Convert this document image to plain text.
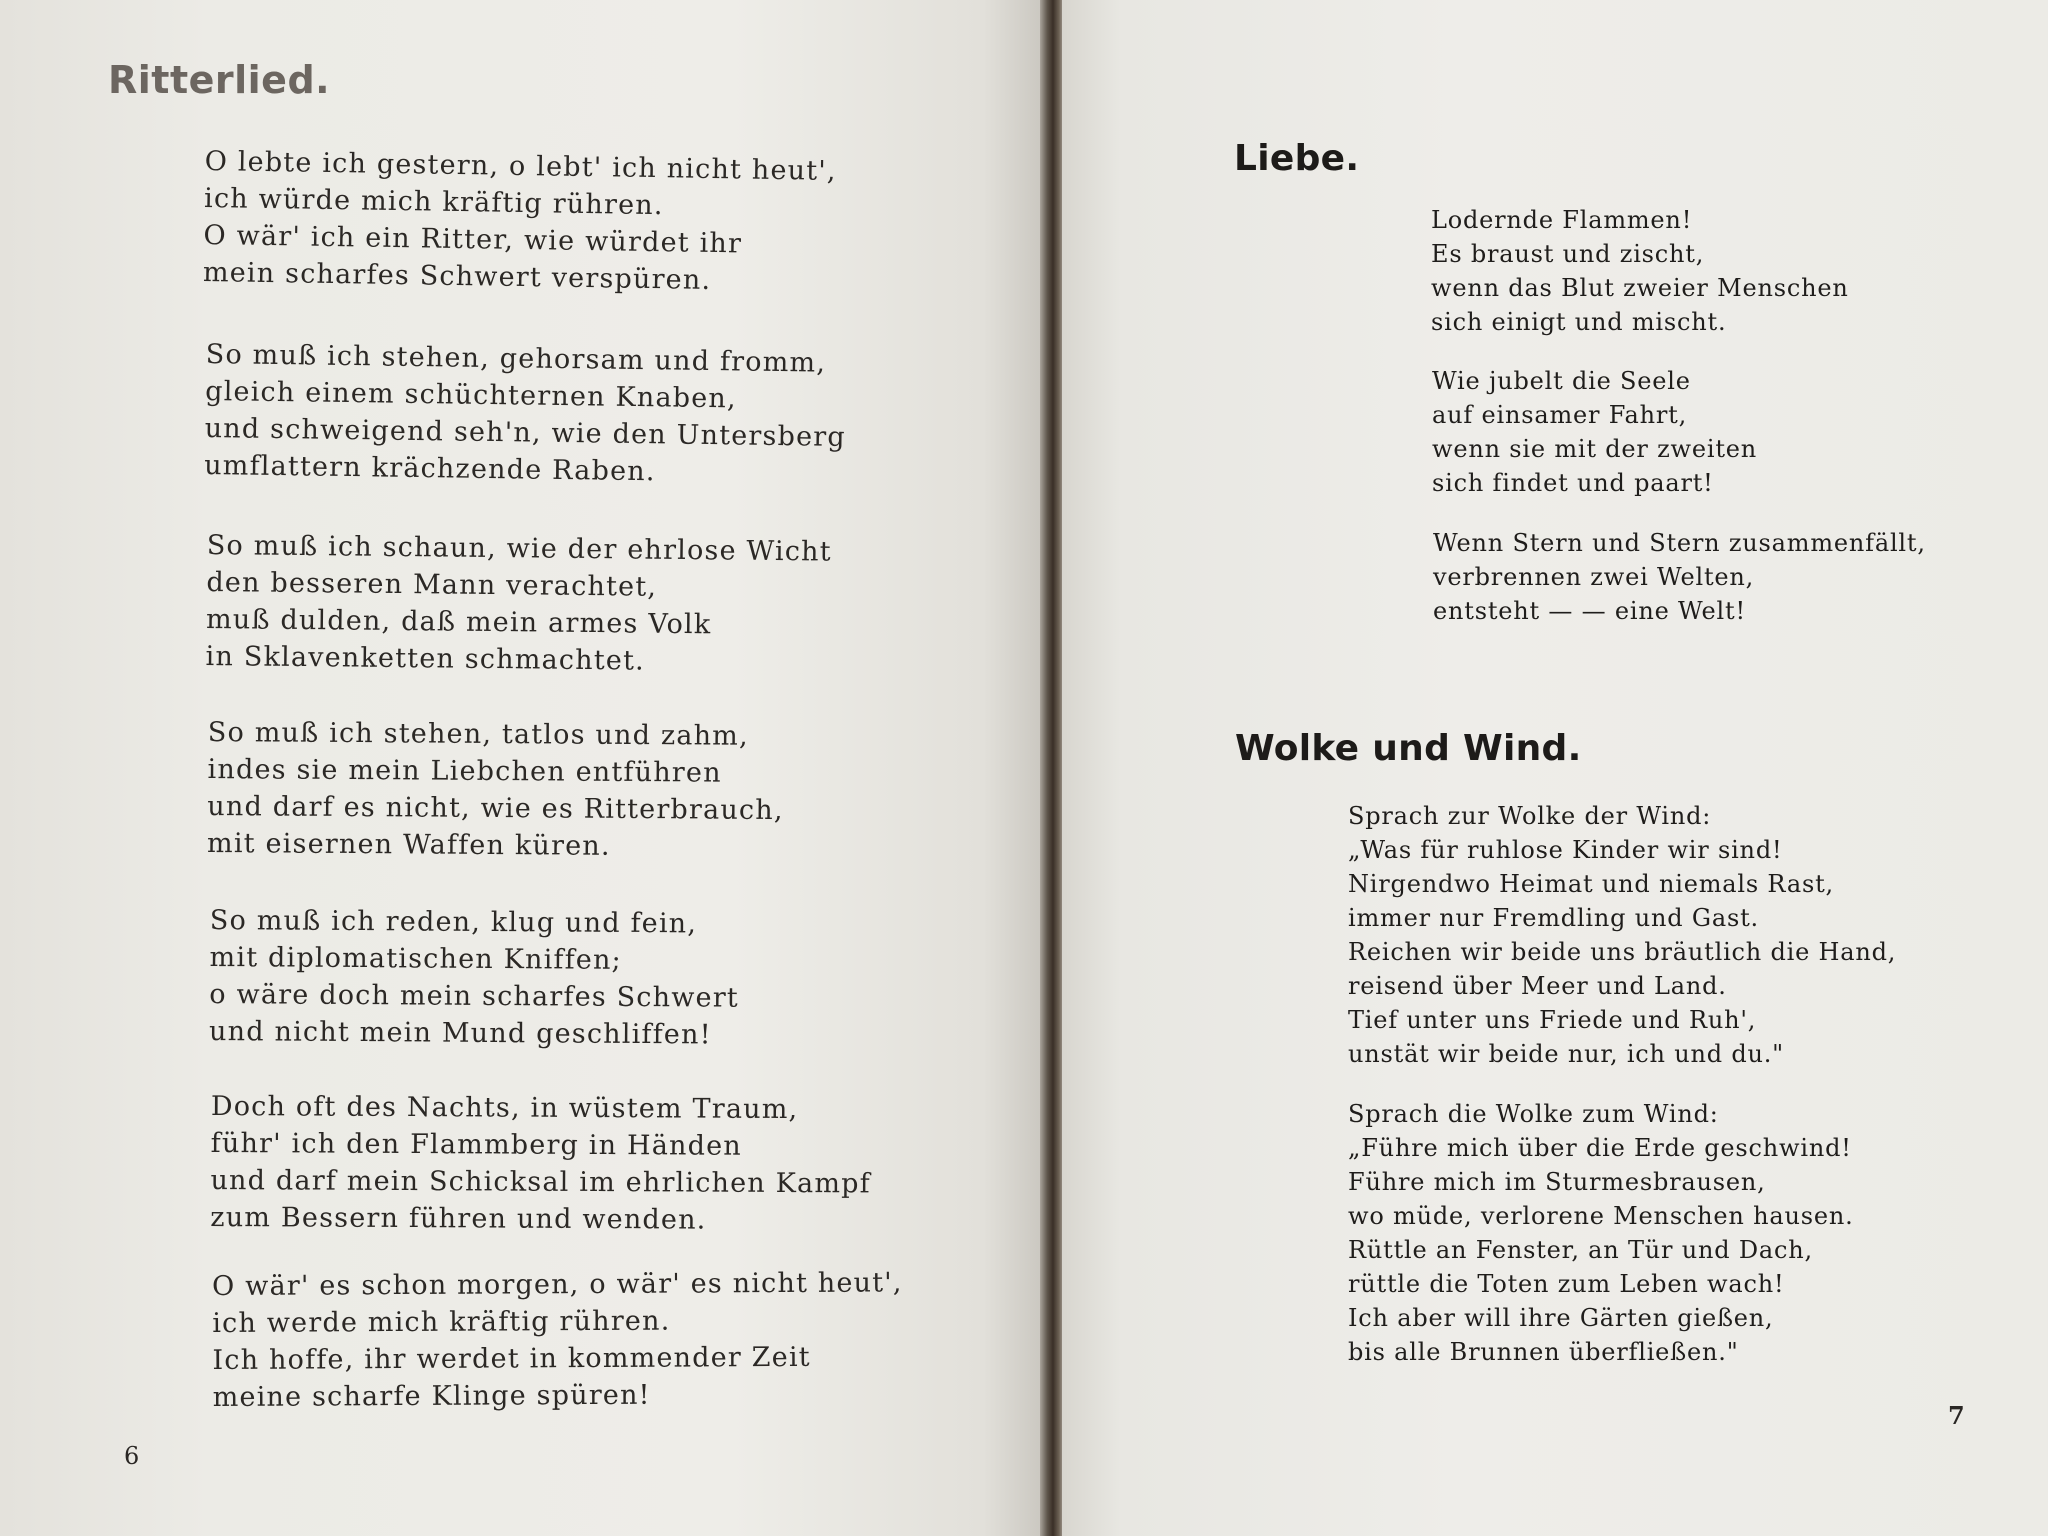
Ritterlied.
O lebte ich gestern, o lebt' ich nicht heut',
ich würde mich kräftig rühren.
O wär' ich ein Ritter, wie würdet ihr
mein scharfes Schwert verspüren.
So muß ich stehen, gehorsam und fromm,
gleich einem schüchternen Knaben,
und schweigend seh'n, wie den Untersberg
umflattern krächzende Raben.
So muß ich schaun, wie der ehrlose Wicht
den besseren Mann verachtet,
muß dulden, daß mein armes Volk
in Sklavenketten schmachtet.
So muß ich stehen, tatlos und zahm,
indes sie mein Liebchen entführen
und darf es nicht, wie es Ritterbrauch,
mit eisernen Waffen küren.
So muß ich reden, klug und fein,
mit diplomatischen Kniffen;
o wäre doch mein scharfes Schwert
und nicht mein Mund geschliffen!
Doch oft des Nachts, in wüstem Traum,
führ' ich den Flammberg in Händen
und darf mein Schicksal im ehrlichen Kampf
zum Bessern führen und wenden.
O wär' es schon morgen, o wär' es nicht heut',
ich werde mich kräftig rühren.
Ich hoffe, ihr werdet in kommender Zeit
meine scharfe Klinge spüren!
6
Liebe.
Lodernde Flammen!
Es braust und zischt,
wenn das Blut zweier Menschen
sich einigt und mischt.
Wie jubelt die Seele
auf einsamer Fahrt,
wenn sie mit der zweiten
sich findet und paart!
Wenn Stern und Stern zusammenfällt,
verbrennen zwei Welten,
entsteht — — eine Welt!
Wolke und Wind.
Sprach zur Wolke der Wind:
„Was für ruhlose Kinder wir sind!
Nirgendwo Heimat und niemals Rast,
immer nur Fremdling und Gast.
Reichen wir beide uns bräutlich die Hand,
reisend über Meer und Land.
Tief unter uns Friede und Ruh',
unstät wir beide nur, ich und du."
Sprach die Wolke zum Wind:
„Führe mich über die Erde geschwind!
Führe mich im Sturmesbrausen,
wo müde, verlorene Menschen hausen.
Rüttle an Fenster, an Tür und Dach,
rüttle die Toten zum Leben wach!
Ich aber will ihre Gärten gießen,
bis alle Brunnen überfließen."
7
